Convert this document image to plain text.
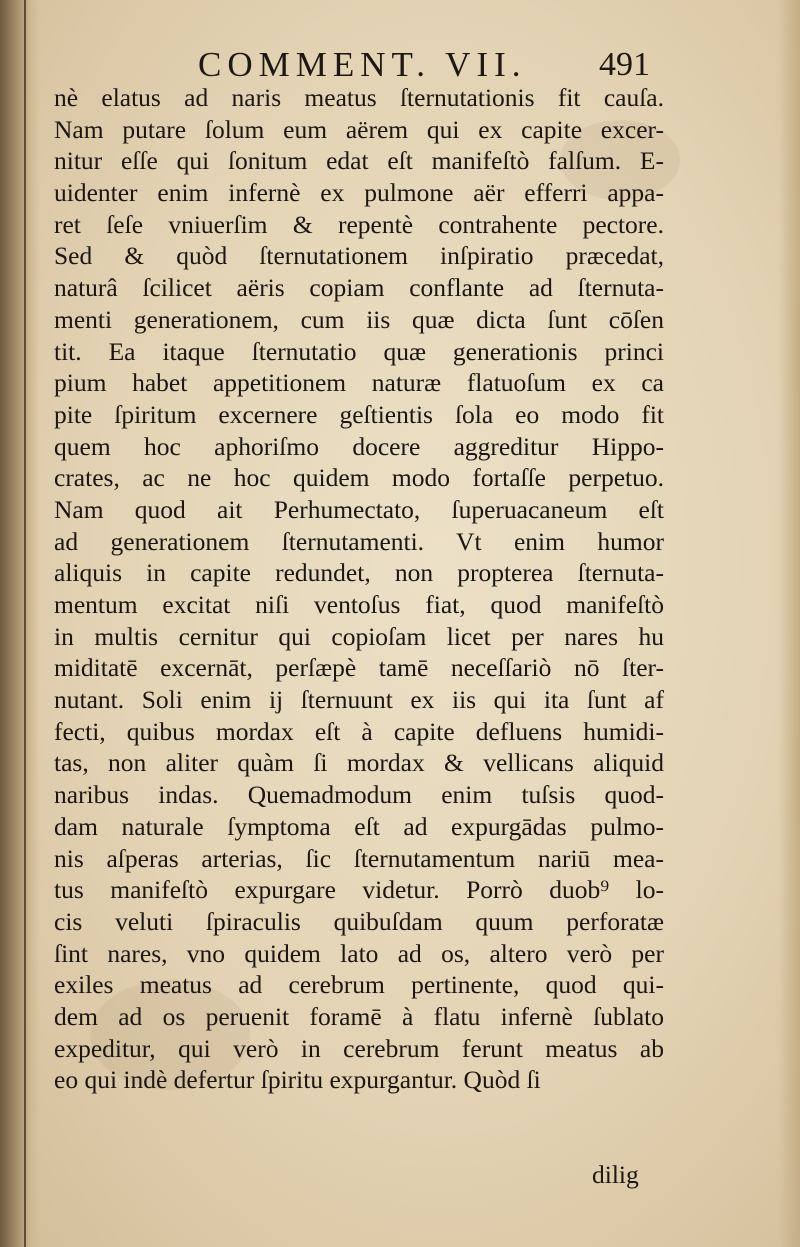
COMMENT. VII. 491
nè elatus ad naris meatus ſternutationis fit cauſa.
Nam putare ſolum eum aërem qui ex capite excer-
nitur eſſe qui ſonitum edat eſt manifeſtò falſum. E-
uidenter enim infernè ex pulmone aër efferri appa-
ret ſeſe vniuerſim & repentè contrahente pectore.
Sed & quòd ſternutationem inſpiratio præcedat,
naturâ ſcilicet aëris copiam conflante ad ſternuta-
menti generationem, cum iis quæ dicta ſunt cōſen
tit. Ea itaque ſternutatio quæ generationis princi
pium habet appetitionem naturæ flatuoſum ex ca
pite ſpiritum excernere geſtientis ſola eo modo fit
quem hoc aphoriſmo docere aggreditur Hippo-
crates, ac ne hoc quidem modo fortaſſe perpetuo.
Nam quod ait Perhumectato, ſuperuacaneum eſt
ad generationem ſternutamenti. Vt enim humor
aliquis in capite redundet, non propterea ſternuta-
mentum excitat niſi ventoſus fiat, quod manifeſtò
in multis cernitur qui copioſam licet per nares hu
miditatē excernāt, perſæpè tamē neceſſariò nō ſter-
nutant. Soli enim ij ſternuunt ex iis qui ita ſunt af
fecti, quibus mordax eſt à capite defluens humidi-
tas, non aliter quàm ſi mordax & vellicans aliquid
naribus indas. Quemadmodum enim tuſsis quod-
dam naturale ſymptoma eſt ad expurgādas pulmo-
nis aſperas arterias, ſic ſternutamentum nariū mea-
tus manifeſtò expurgare videtur. Porrò duob⁹ lo-
cis veluti ſpiraculis quibuſdam quum perforatæ
ſint nares, vno quidem lato ad os, altero verò per
exiles meatus ad cerebrum pertinente, quod qui-
dem ad os peruenit foramē à flatu infernè ſublato
expeditur, qui verò in cerebrum ferunt meatus ab
eo qui indè defertur ſpiritu expurgantur. Quòd ſi
dilig
